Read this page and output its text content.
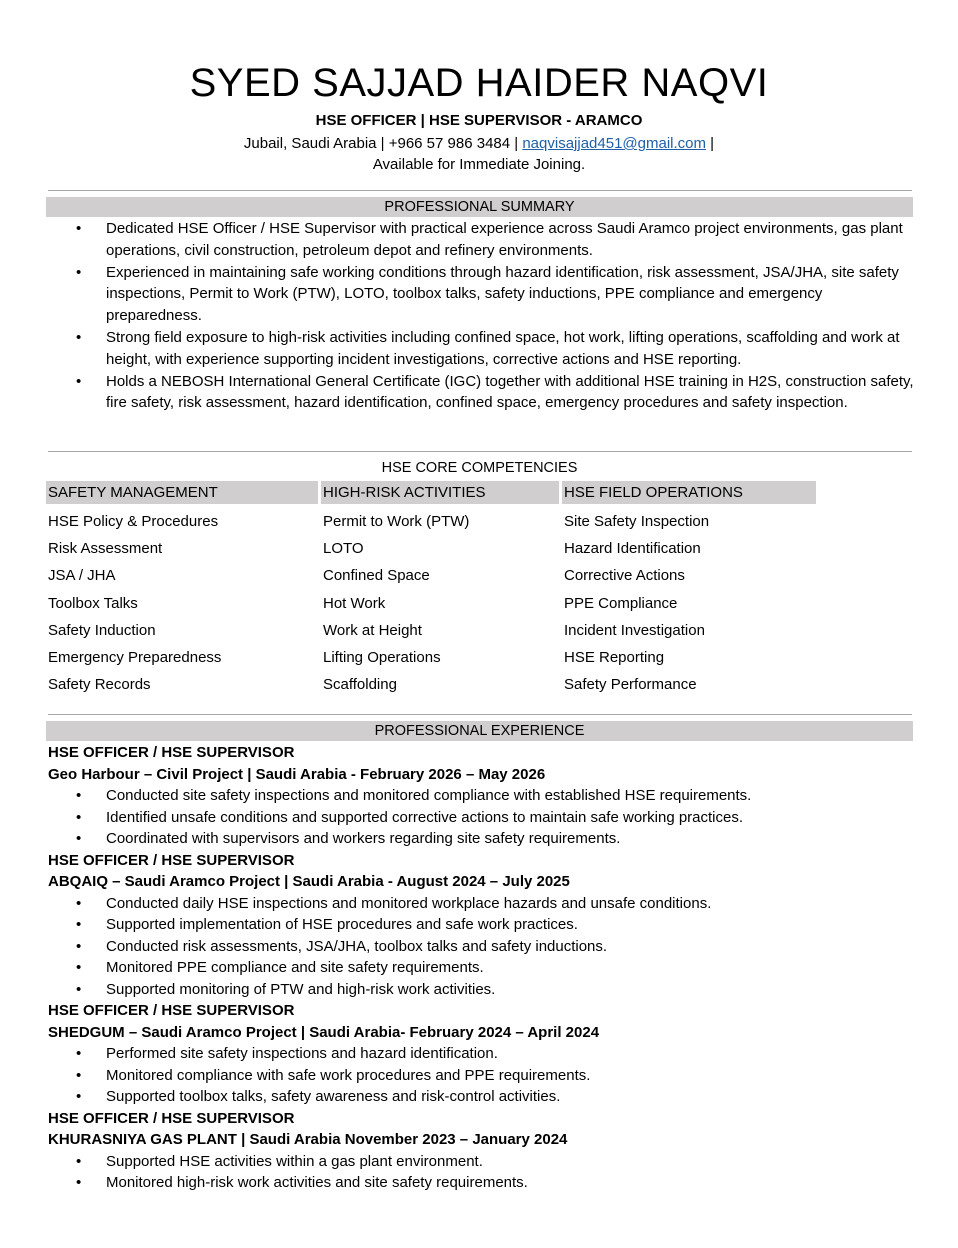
SYED SAJJAD HAIDER NAQVI
HSE OFFICER | HSE SUPERVISOR - ARAMCO
Jubail, Saudi Arabia | +966 57 986 3484 | naqvisajjad451@gmail.com |
Available for Immediate Joining.
PROFESSIONAL SUMMARY
• Dedicated HSE Officer / HSE Supervisor with practical experience across Saudi Aramco project environments, gas plant operations, civil construction, petroleum depot and refinery environments.
• Experienced in maintaining safe working conditions through hazard identification, risk assessment, JSA/JHA, site safety inspections, Permit to Work (PTW), LOTO, toolbox talks, safety inductions, PPE compliance and emergency preparedness.
• Strong field exposure to high-risk activities including confined space, hot work, lifting operations, scaffolding and work at height, with experience supporting incident investigations, corrective actions and HSE reporting.
• Holds a NEBOSH International General Certificate (IGC) together with additional HSE training in H2S, construction safety, fire safety, risk assessment, hazard identification, confined space, emergency procedures and safety inspection.
HSE CORE COMPETENCIES
SAFETY MANAGEMENT	HIGH-RISK ACTIVITIES	HSE FIELD OPERATIONS
HSE Policy & Procedures
Risk Assessment
JSA / JHA
Toolbox Talks
Safety Induction
Emergency Preparedness
Safety Records
Permit to Work (PTW)
LOTO
Confined Space
Hot Work
Work at Height
Lifting Operations
Scaffolding
Site Safety Inspection
Hazard Identification
Corrective Actions
PPE Compliance
Incident Investigation
HSE Reporting
Safety Performance
PROFESSIONAL EXPERIENCE
HSE OFFICER / HSE SUPERVISOR
Geo Harbour – Civil Project | Saudi Arabia - February 2026 – May 2026
• Conducted site safety inspections and monitored compliance with established HSE requirements.
• Identified unsafe conditions and supported corrective actions to maintain safe working practices.
• Coordinated with supervisors and workers regarding site safety requirements.
HSE OFFICER / HSE SUPERVISOR
ABQAIQ – Saudi Aramco Project | Saudi Arabia - August 2024 – July 2025
• Conducted daily HSE inspections and monitored workplace hazards and unsafe conditions.
• Supported implementation of HSE procedures and safe work practices.
• Conducted risk assessments, JSA/JHA, toolbox talks and safety inductions.
• Monitored PPE compliance and site safety requirements.
• Supported monitoring of PTW and high-risk work activities.
HSE OFFICER / HSE SUPERVISOR
SHEDGUM – Saudi Aramco Project | Saudi Arabia- February 2024 – April 2024
• Performed site safety inspections and hazard identification.
• Monitored compliance with safe work procedures and PPE requirements.
• Supported toolbox talks, safety awareness and risk-control activities.
HSE OFFICER / HSE SUPERVISOR
KHURASNIYA GAS PLANT | Saudi Arabia November 2023 – January 2024
• Supported HSE activities within a gas plant environment.
• Monitored high-risk work activities and site safety requirements.
